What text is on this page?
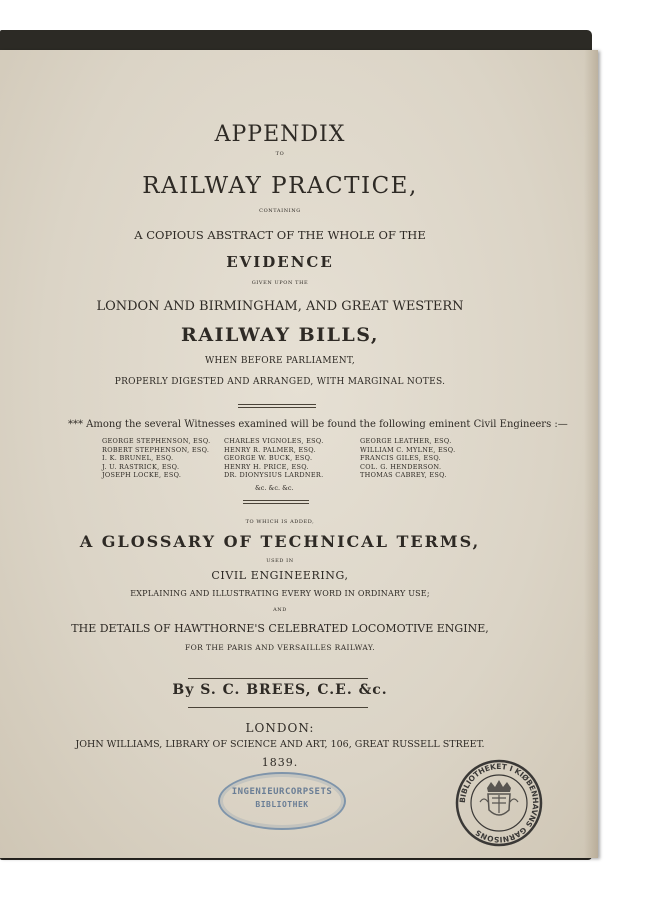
APPENDIX
TO
RAILWAY PRACTICE,
CONTAINING
A COPIOUS ABSTRACT OF THE WHOLE OF THE
EVIDENCE
GIVEN UPON THE
LONDON AND BIRMINGHAM, AND GREAT WESTERN
RAILWAY BILLS,
WHEN BEFORE PARLIAMENT,
PROPERLY DIGESTED AND ARRANGED, WITH MARGINAL NOTES.
*** Among the several Witnesses examined will be found the following eminent Civil Engineers :—
GEORGE STEPHENSON, ESQ.
ROBERT STEPHENSON, ESQ.
I. K. BRUNEL, ESQ.
J. U. RASTRICK, ESQ.
JOSEPH LOCKE, ESQ.
CHARLES VIGNOLES, ESQ.
HENRY R. PALMER, ESQ.
GEORGE W. BUCK, ESQ.
HENRY H. PRICE, ESQ.
DR. DIONYSIUS LARDNER.
GEORGE LEATHER, ESQ.
WILLIAM C. MYLNE, ESQ.
FRANCIS GILES, ESQ.
COL. G. HENDERSON.
THOMAS CABREY, ESQ.
&c. &c. &c.
TO WHICH IS ADDED,
A GLOSSARY OF TECHNICAL TERMS,
USED IN
CIVIL ENGINEERING,
EXPLAINING AND ILLUSTRATING EVERY WORD IN ORDINARY USE;
AND
THE DETAILS OF HAWTHORNE'S CELEBRATED LOCOMOTIVE ENGINE,
FOR THE PARIS AND VERSAILLES RAILWAY.
By S. C. BREES, C.E. &c.
LONDON:
JOHN WILLIAMS, LIBRARY OF SCIENCE AND ART, 106, GREAT RUSSELL STREET.
1839.
INGENIEURCORPSETS
BIBLIOTHEK
BIBLIOTHEKET I KIØBENHAVNS GARNISONS
